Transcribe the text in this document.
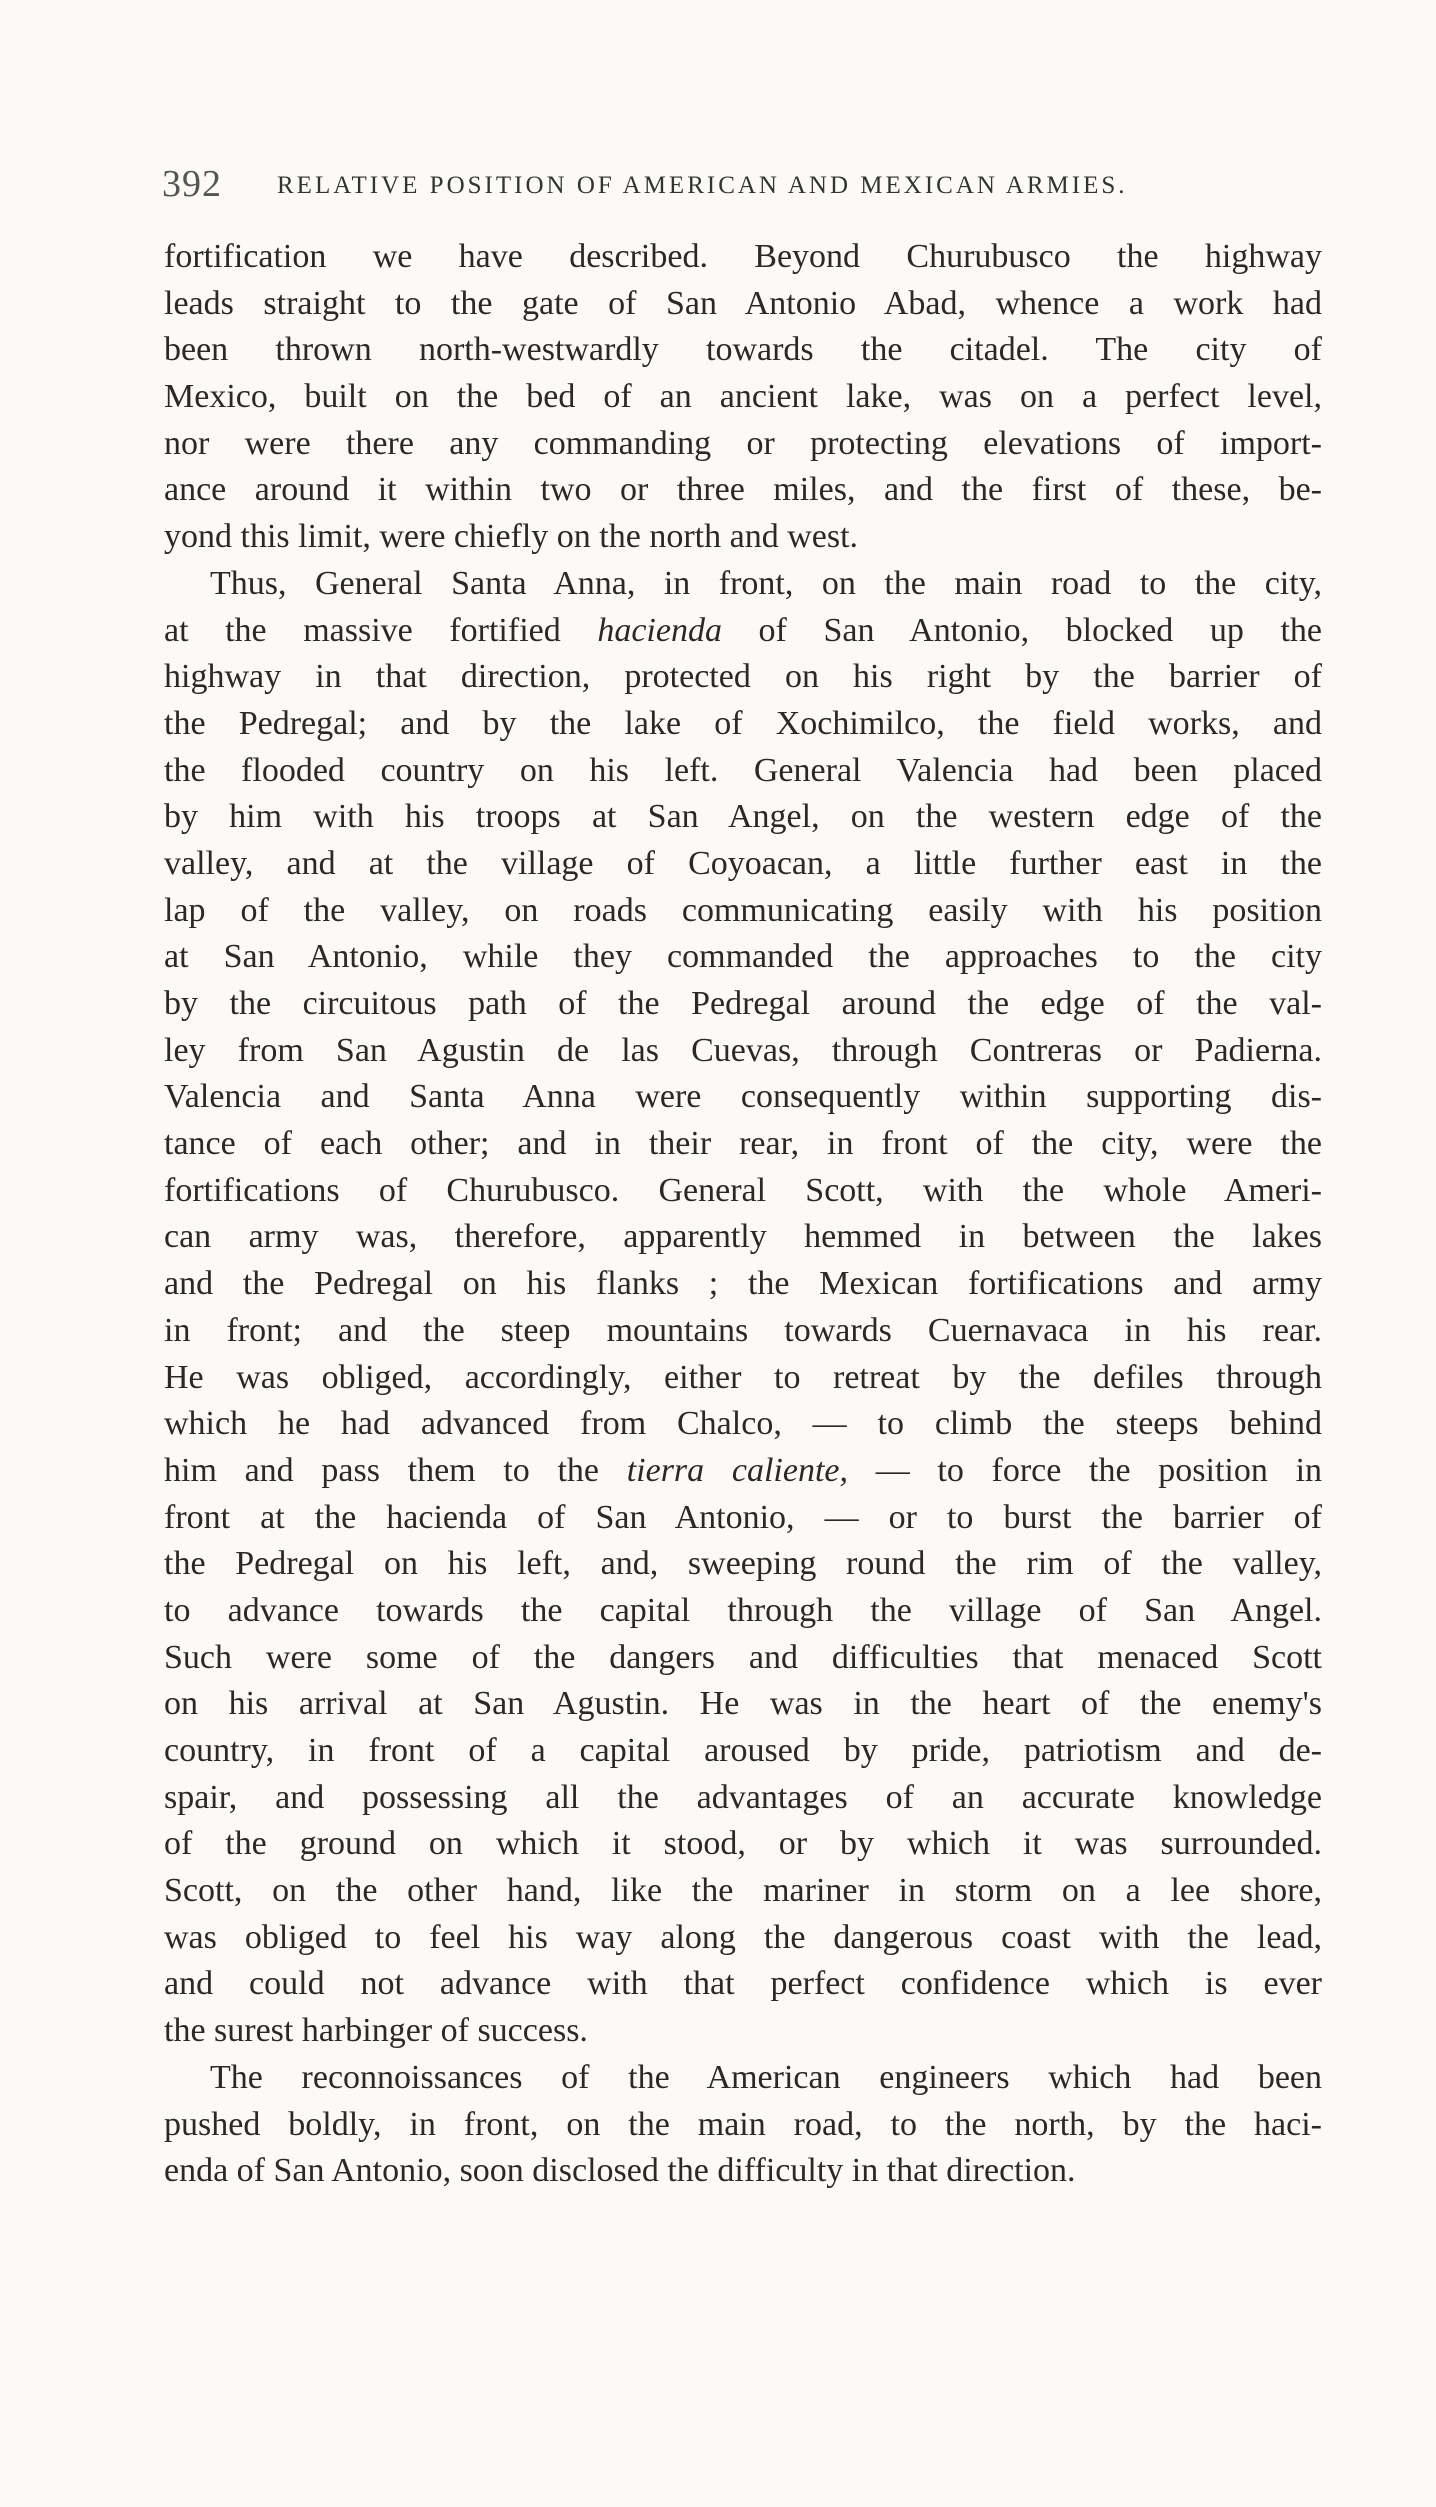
392 RELATIVE POSITION OF AMERICAN AND MEXICAN ARMIES.
fortification we have described. Beyond Churubusco the highway
leads straight to the gate of San Antonio Abad, whence a work had
been thrown north-westwardly towards the citadel. The city of
Mexico, built on the bed of an ancient lake, was on a perfect level,
nor were there any commanding or protecting elevations of import-
ance around it within two or three miles, and the first of these, be-
yond this limit, were chiefly on the north and west.
Thus, General Santa Anna, in front, on the main road to the city,
at the massive fortified hacienda of San Antonio, blocked up the
highway in that direction, protected on his right by the barrier of
the Pedregal; and by the lake of Xochimilco, the field works, and
the flooded country on his left. General Valencia had been placed
by him with his troops at San Angel, on the western edge of the
valley, and at the village of Coyoacan, a little further east in the
lap of the valley, on roads communicating easily with his position
at San Antonio, while they commanded the approaches to the city
by the circuitous path of the Pedregal around the edge of the val-
ley from San Agustin de las Cuevas, through Contreras or Padierna.
Valencia and Santa Anna were consequently within supporting dis-
tance of each other; and in their rear, in front of the city, were the
fortifications of Churubusco. General Scott, with the whole Ameri-
can army was, therefore, apparently hemmed in between the lakes
and the Pedregal on his flanks ; the Mexican fortifications and army
in front; and the steep mountains towards Cuernavaca in his rear.
He was obliged, accordingly, either to retreat by the defiles through
which he had advanced from Chalco, — to climb the steeps behind
him and pass them to the tierra caliente, — to force the position in
front at the hacienda of San Antonio, — or to burst the barrier of
the Pedregal on his left, and, sweeping round the rim of the valley,
to advance towards the capital through the village of San Angel.
Such were some of the dangers and difficulties that menaced Scott
on his arrival at San Agustin. He was in the heart of the enemy's
country, in front of a capital aroused by pride, patriotism and de-
spair, and possessing all the advantages of an accurate knowledge
of the ground on which it stood, or by which it was surrounded.
Scott, on the other hand, like the mariner in storm on a lee shore,
was obliged to feel his way along the dangerous coast with the lead,
and could not advance with that perfect confidence which is ever
the surest harbinger of success.
The reconnoissances of the American engineers which had been
pushed boldly, in front, on the main road, to the north, by the haci-
enda of San Antonio, soon disclosed the difficulty in that direction.
